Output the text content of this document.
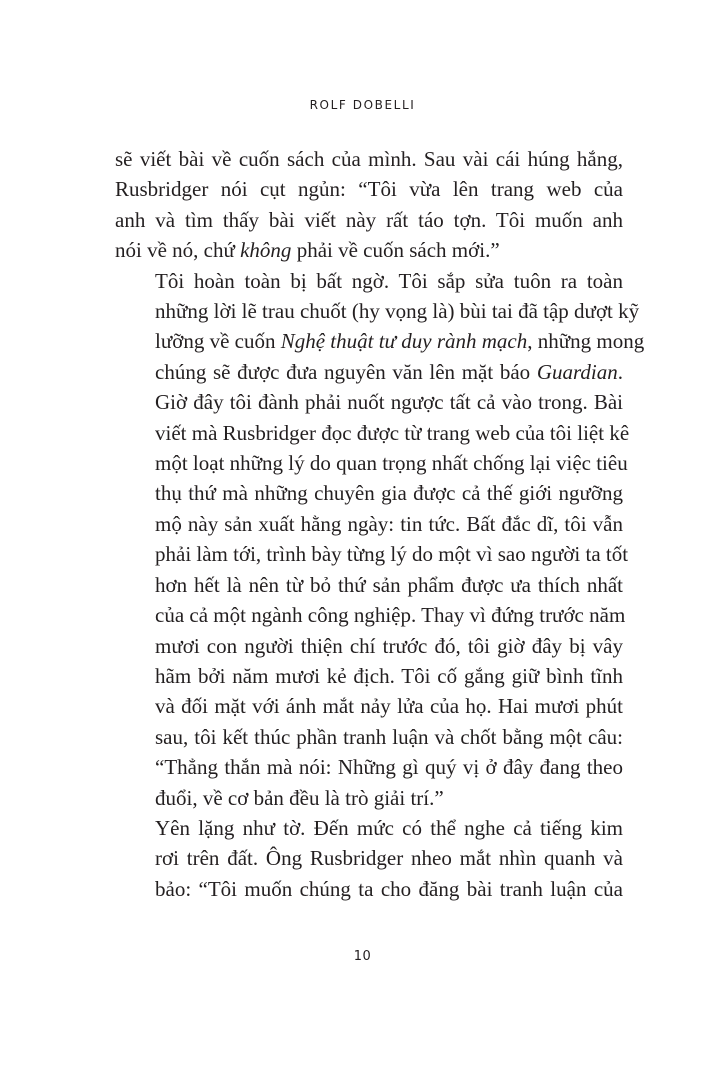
ROLF DOBELLI

sẽ viết bài về cuốn sách của mình. Sau vài cái húng hắng,
Rusbridger nói cụt ngủn: “Tôi vừa lên trang web của
anh và tìm thấy bài viết này rất táo tợn. Tôi muốn anh
nói về nó, chứ không phải về cuốn sách mới.”

Tôi hoàn toàn bị bất ngờ. Tôi sắp sửa tuôn ra toàn
những lời lẽ trau chuốt (hy vọng là) bùi tai đã tập dượt kỹ
lưỡng về cuốn Nghệ thuật tư duy rành mạch, những mong
chúng sẽ được đưa nguyên văn lên mặt báo Guardian.
Giờ đây tôi đành phải nuốt ngược tất cả vào trong. Bài
viết mà Rusbridger đọc được từ trang web của tôi liệt kê
một loạt những lý do quan trọng nhất chống lại việc tiêu
thụ thứ mà những chuyên gia được cả thế giới ngưỡng
mộ này sản xuất hằng ngày: tin tức. Bất đắc dĩ, tôi vẫn
phải làm tới, trình bày từng lý do một vì sao người ta tốt
hơn hết là nên từ bỏ thứ sản phẩm được ưa thích nhất
của cả một ngành công nghiệp. Thay vì đứng trước năm
mươi con người thiện chí trước đó, tôi giờ đây bị vây
hãm bởi năm mươi kẻ địch. Tôi cố gắng giữ bình tĩnh
và đối mặt với ánh mắt nảy lửa của họ. Hai mươi phút
sau, tôi kết thúc phần tranh luận và chốt bằng một câu:
“Thẳng thắn mà nói: Những gì quý vị ở đây đang theo
đuổi, về cơ bản đều là trò giải trí.”

Yên lặng như tờ. Đến mức có thể nghe cả tiếng kim
rơi trên đất. Ông Rusbridger nheo mắt nhìn quanh và
bảo: “Tôi muốn chúng ta cho đăng bài tranh luận của

10
